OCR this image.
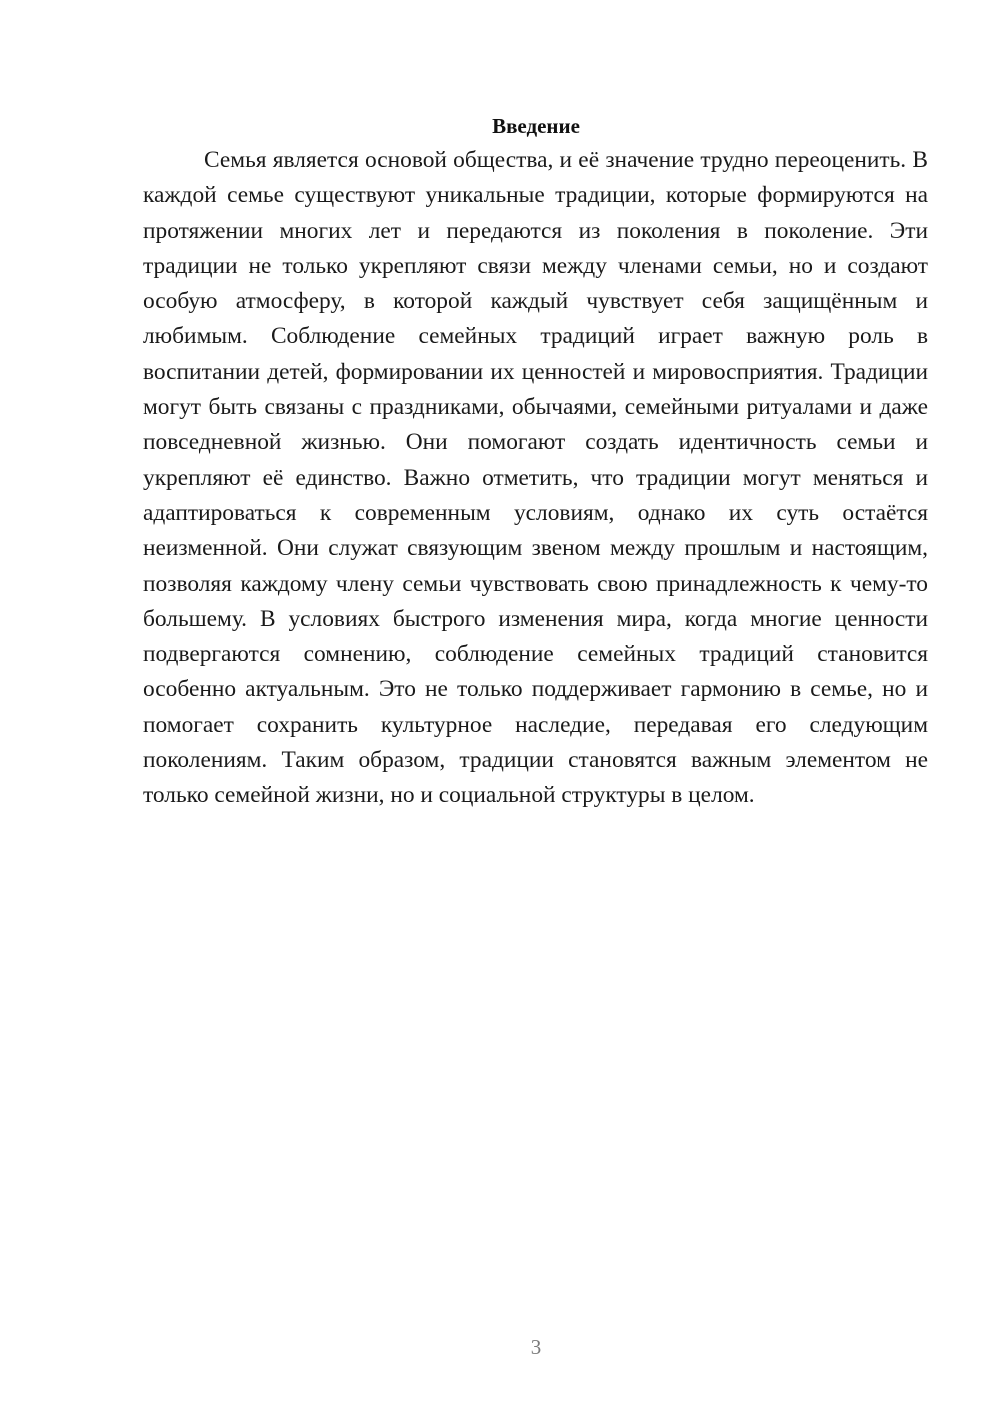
Введение

Семья является основой общества, и её значение трудно переоценить. В каждой семье существуют уникальные традиции, которые формируются на протяжении многих лет и передаются из поколения в поколение. Эти традиции не только укрепляют связи между членами семьи, но и создают особую атмосферу, в которой каждый чувствует себя защищённым и любимым. Соблюдение семейных традиций играет важную роль в воспитании детей, формировании их ценностей и мировосприятия. Традиции могут быть связаны с праздниками, обычаями, семейными ритуалами и даже повседневной жизнью. Они помогают создать идентичность семьи и укрепляют её единство. Важно отметить, что традиции могут меняться и адаптироваться к современным условиям, однако их суть остаётся неизменной. Они служат связующим звеном между прошлым и настоящим, позволяя каждому члену семьи чувствовать свою принадлежность к чему-то большему. В условиях быстрого изменения мира, когда многие ценности подвергаются сомнению, соблюдение семейных традиций становится особенно актуальным. Это не только поддерживает гармонию в семье, но и помогает сохранить культурное наследие, передавая его следующим поколениям. Таким образом, традиции становятся важным элементом не только семейной жизни, но и социальной структуры в целом.

3
